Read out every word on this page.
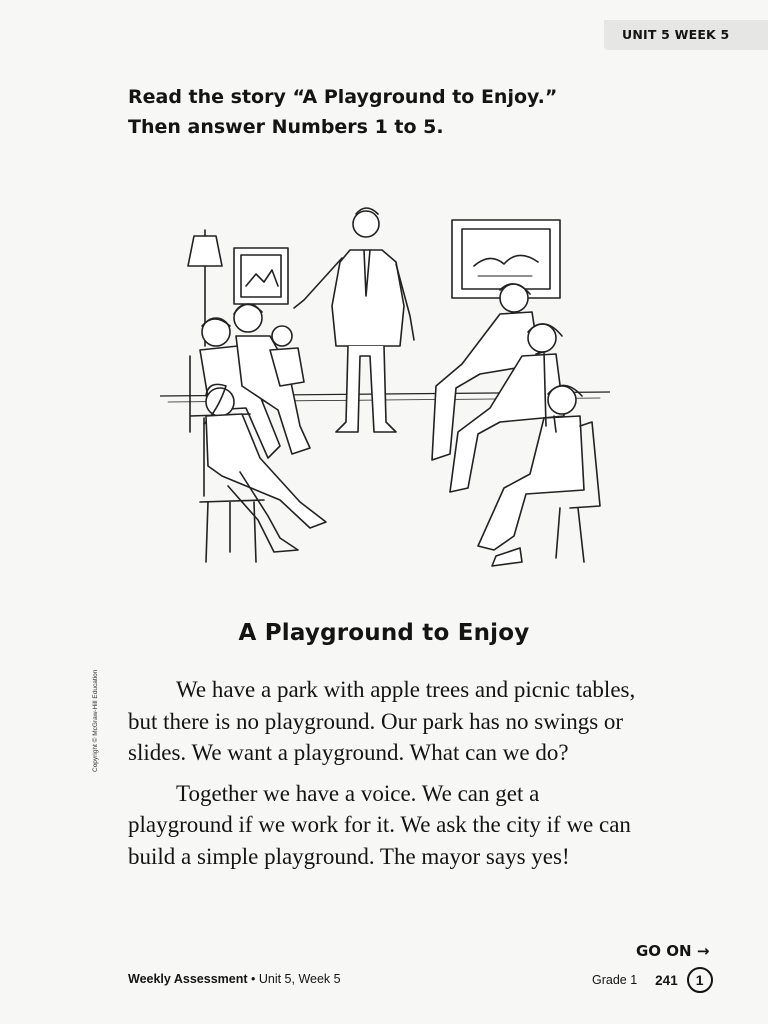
UNIT 5 WEEK 5
Read the story “A Playground to Enjoy.”
Then answer Numbers 1 to 5.
A Playground to Enjoy
Copyright © McGraw-Hill Education	We have a park with apple trees and picnic tables, but there is no playground. Our park has no swings or slides. We want a playground. What can we do?

Together we have a voice. We can get a playground if we work for it. We ask the city if we can build a simple playground. The mayor says yes!

GO ON →
Weekly Assessment • Unit 5, Week 5	Grade 1 241	1
